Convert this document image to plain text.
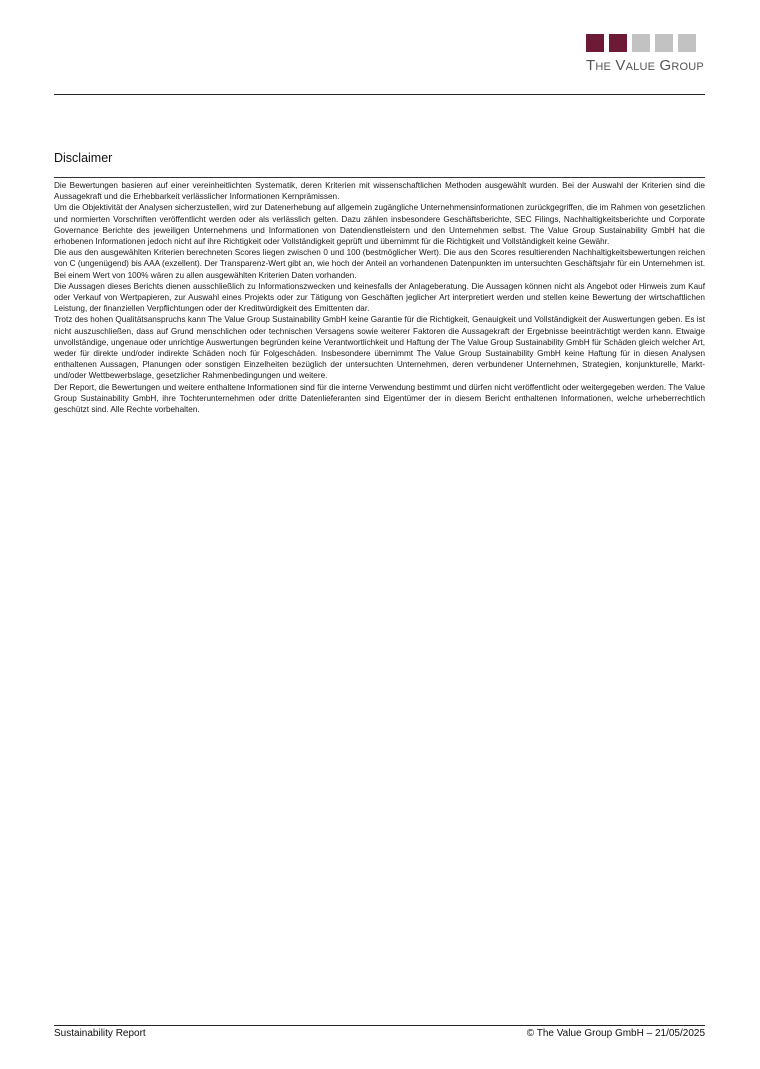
The Value Group
Disclaimer

Die Bewertungen basieren auf einer vereinheitlichten Systematik, deren Kriterien mit wissenschaftlichen Methoden ausgewählt wurden. Bei der Auswahl der Kriterien sind die Aussagekraft und die Erhebbarkeit verlässlicher Informationen Kernprämissen.

Um die Objektivität der Analysen sicherzustellen, wird zur Datenerhebung auf allgemein zugängliche Unternehmensinformationen zurückgegriffen, die im Rahmen von gesetzlichen und normierten Vorschriften veröffentlicht werden oder als verlässlich gelten. Dazu zählen insbesondere Geschäftsberichte, SEC Filings, Nachhaltigkeitsberichte und Corporate Governance Berichte des jeweiligen Unternehmens und Informationen von Datendienstleistern und den Unternehmen selbst. The Value Group Sustainability GmbH hat die erhobenen Informationen jedoch nicht auf ihre Richtigkeit oder Vollständigkeit geprüft und übernimmt für die Richtigkeit und Vollständigkeit keine Gewähr.

Die aus den ausgewählten Kriterien berechneten Scores liegen zwischen 0 und 100 (bestmöglicher Wert). Die aus den Scores resultierenden Nachhaltigkeitsbewertungen reichen von C (ungenügend) bis AAA (exzellent). Der Transparenz-Wert gibt an, wie hoch der Anteil an vorhandenen Datenpunkten im untersuchten Geschäftsjahr für ein Unternehmen ist. Bei einem Wert von 100% wären zu allen ausgewählten Kriterien Daten vorhanden.

Die Aussagen dieses Berichts dienen ausschließlich zu Informationszwecken und keinesfalls der Anlageberatung. Die Aussagen können nicht als Angebot oder Hinweis zum Kauf oder Verkauf von Wertpapieren, zur Auswahl eines Projekts oder zur Tätigung von Geschäften jeglicher Art interpretiert werden und stellen keine Bewertung der wirtschaftlichen Leistung, der finanziellen Verpflichtungen oder der Kreditwürdigkeit des Emittenten dar.

Trotz des hohen Qualitätsanspruchs kann The Value Group Sustainability GmbH keine Garantie für die Richtigkeit, Genauigkeit und Vollständigkeit der Auswertungen geben. Es ist nicht auszuschließen, dass auf Grund menschlichen oder technischen Versagens sowie weiterer Faktoren die Aussagekraft der Ergebnisse beeinträchtigt werden kann. Etwaige unvollständige, ungenaue oder unrichtige Auswertungen begründen keine Verantwortlichkeit und Haftung der The Value Group Sustainability GmbH für Schäden gleich welcher Art, weder für direkte und/oder indirekte Schäden noch für Folgeschäden. Insbesondere übernimmt The Value Group Sustainability GmbH keine Haftung für in diesen Analysen enthaltenen Aussagen, Planungen oder sonstigen Einzelheiten bezüglich der untersuchten Unternehmen, deren verbundener Unternehmen, Strategien, konjunkturelle, Markt- und/oder Wettbewerbslage, gesetzlicher Rahmenbedingungen und weitere.

Der Report, die Bewertungen und weitere enthaltene Informationen sind für die interne Verwendung bestimmt und dürfen nicht veröffentlicht oder weitergegeben werden. The Value Group Sustainability GmbH, ihre Tochterunternehmen oder dritte Datenlieferanten sind Eigentümer der in diesem Bericht enthaltenen Informationen, welche urheberrechtlich geschützt sind. Alle Rechte vorbehalten.

Sustainability Report	© The Value Group GmbH – 21/05/2025
